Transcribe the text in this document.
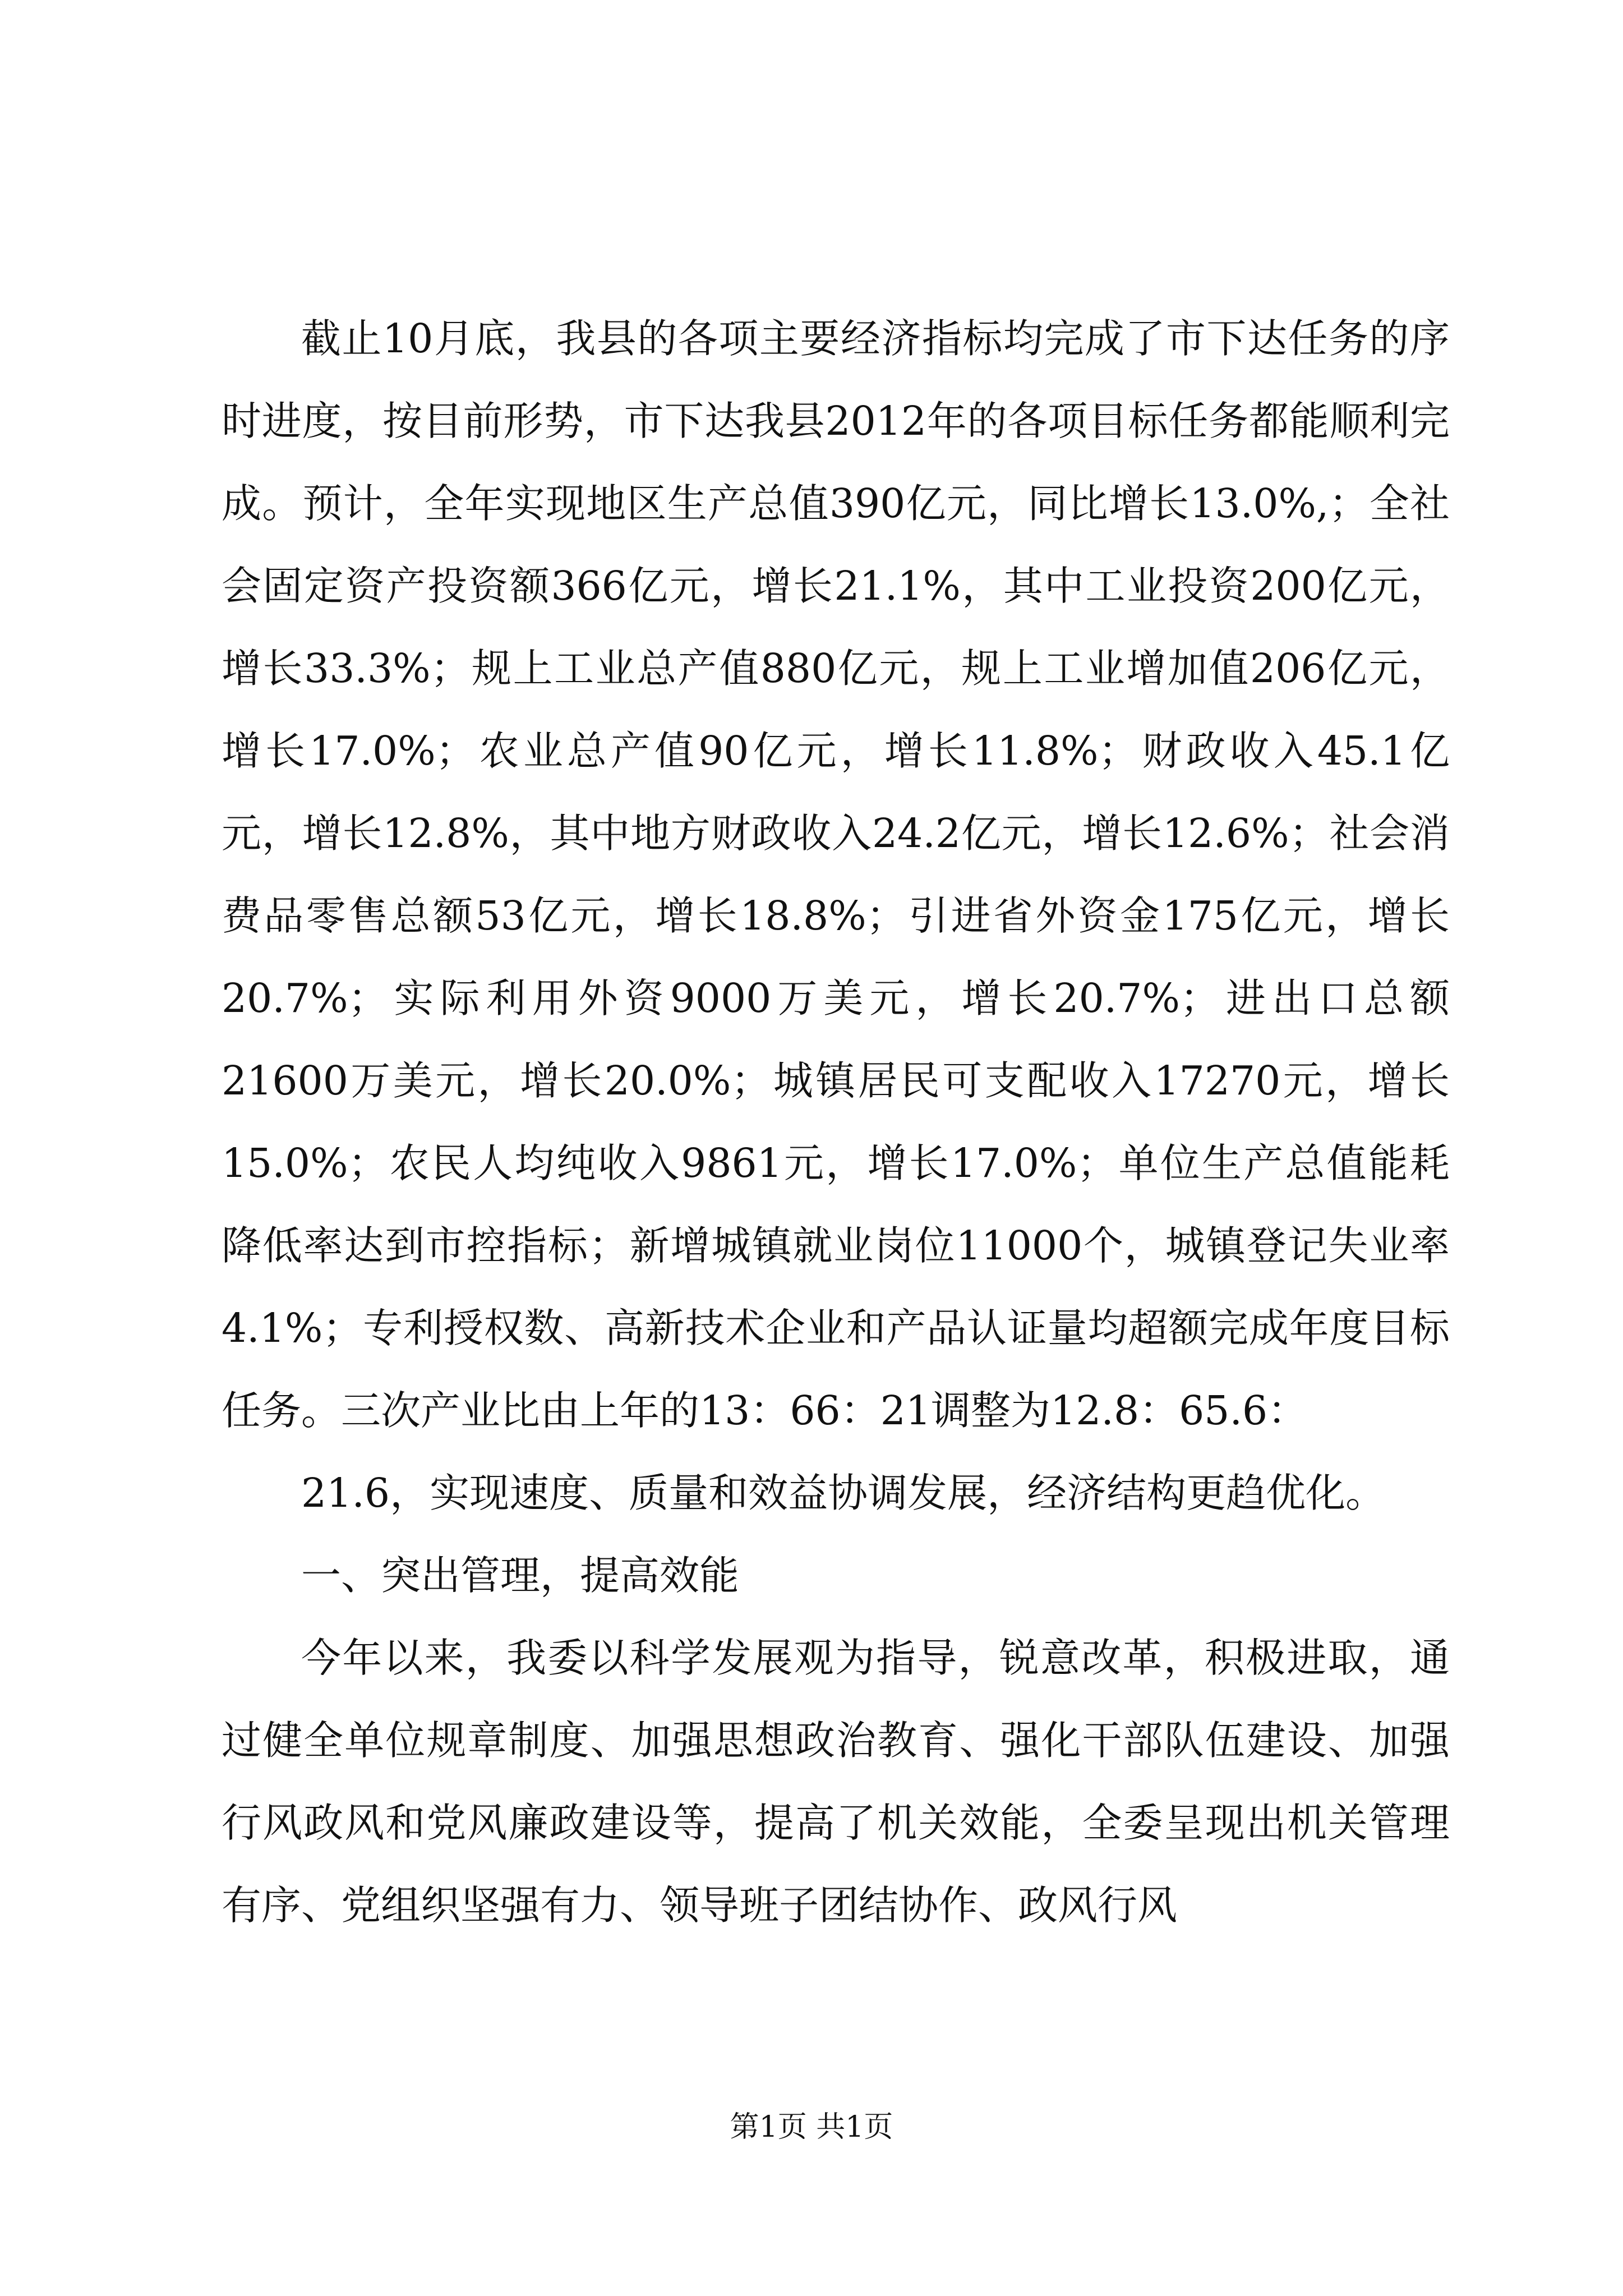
截止10月底，我县的各项主要经济指标均完成了市下达任务的序时进度，按目前形势，市下达我县2012年的各项目标任务都能顺利完成。预计，全年实现地区生产总值390亿元，同比增长13.0%,；全社会固定资产投资额366亿元，增长21.1%，其中工业投资200亿元，增长33.3%；规上工业总产值880亿元，规上工业增加值206亿元，增长17.0%；农业总产值90亿元，增长11.8%；财政收入45.1亿元，增长12.8%，其中地方财政收入24.2亿元，增长12.6%；社会消费品零售总额53亿元，增长18.8%；引进省外资金175亿元，增长20.7%；实际利用外资9000万美元，增长20.7%；进出口总额21600万美元，增长20.0%；城镇居民可支配收入17270元，增长15.0%；农民人均纯收入9861元，增长17.0%；单位生产总值能耗降低率达到市控指标；新增城镇就业岗位11000个，城镇登记失业率4.1%；专利授权数、高新技术企业和产品认证量均超额完成年度目标任务。三次产业比由上年的13：66：21调整为12.8：65.6：

21.6，实现速度、质量和效益协调发展，经济结构更趋优化。

一、突出管理，提高效能

今年以来，我委以科学发展观为指导，锐意改革，积极进取，通过健全单位规章制度、加强思想政治教育、强化干部队伍建设、加强行风政风和党风廉政建设等，提高了机关效能，全委呈现出机关管理有序、党组织坚强有力、领导班子团结协作、政风行风

第1页 共1页
